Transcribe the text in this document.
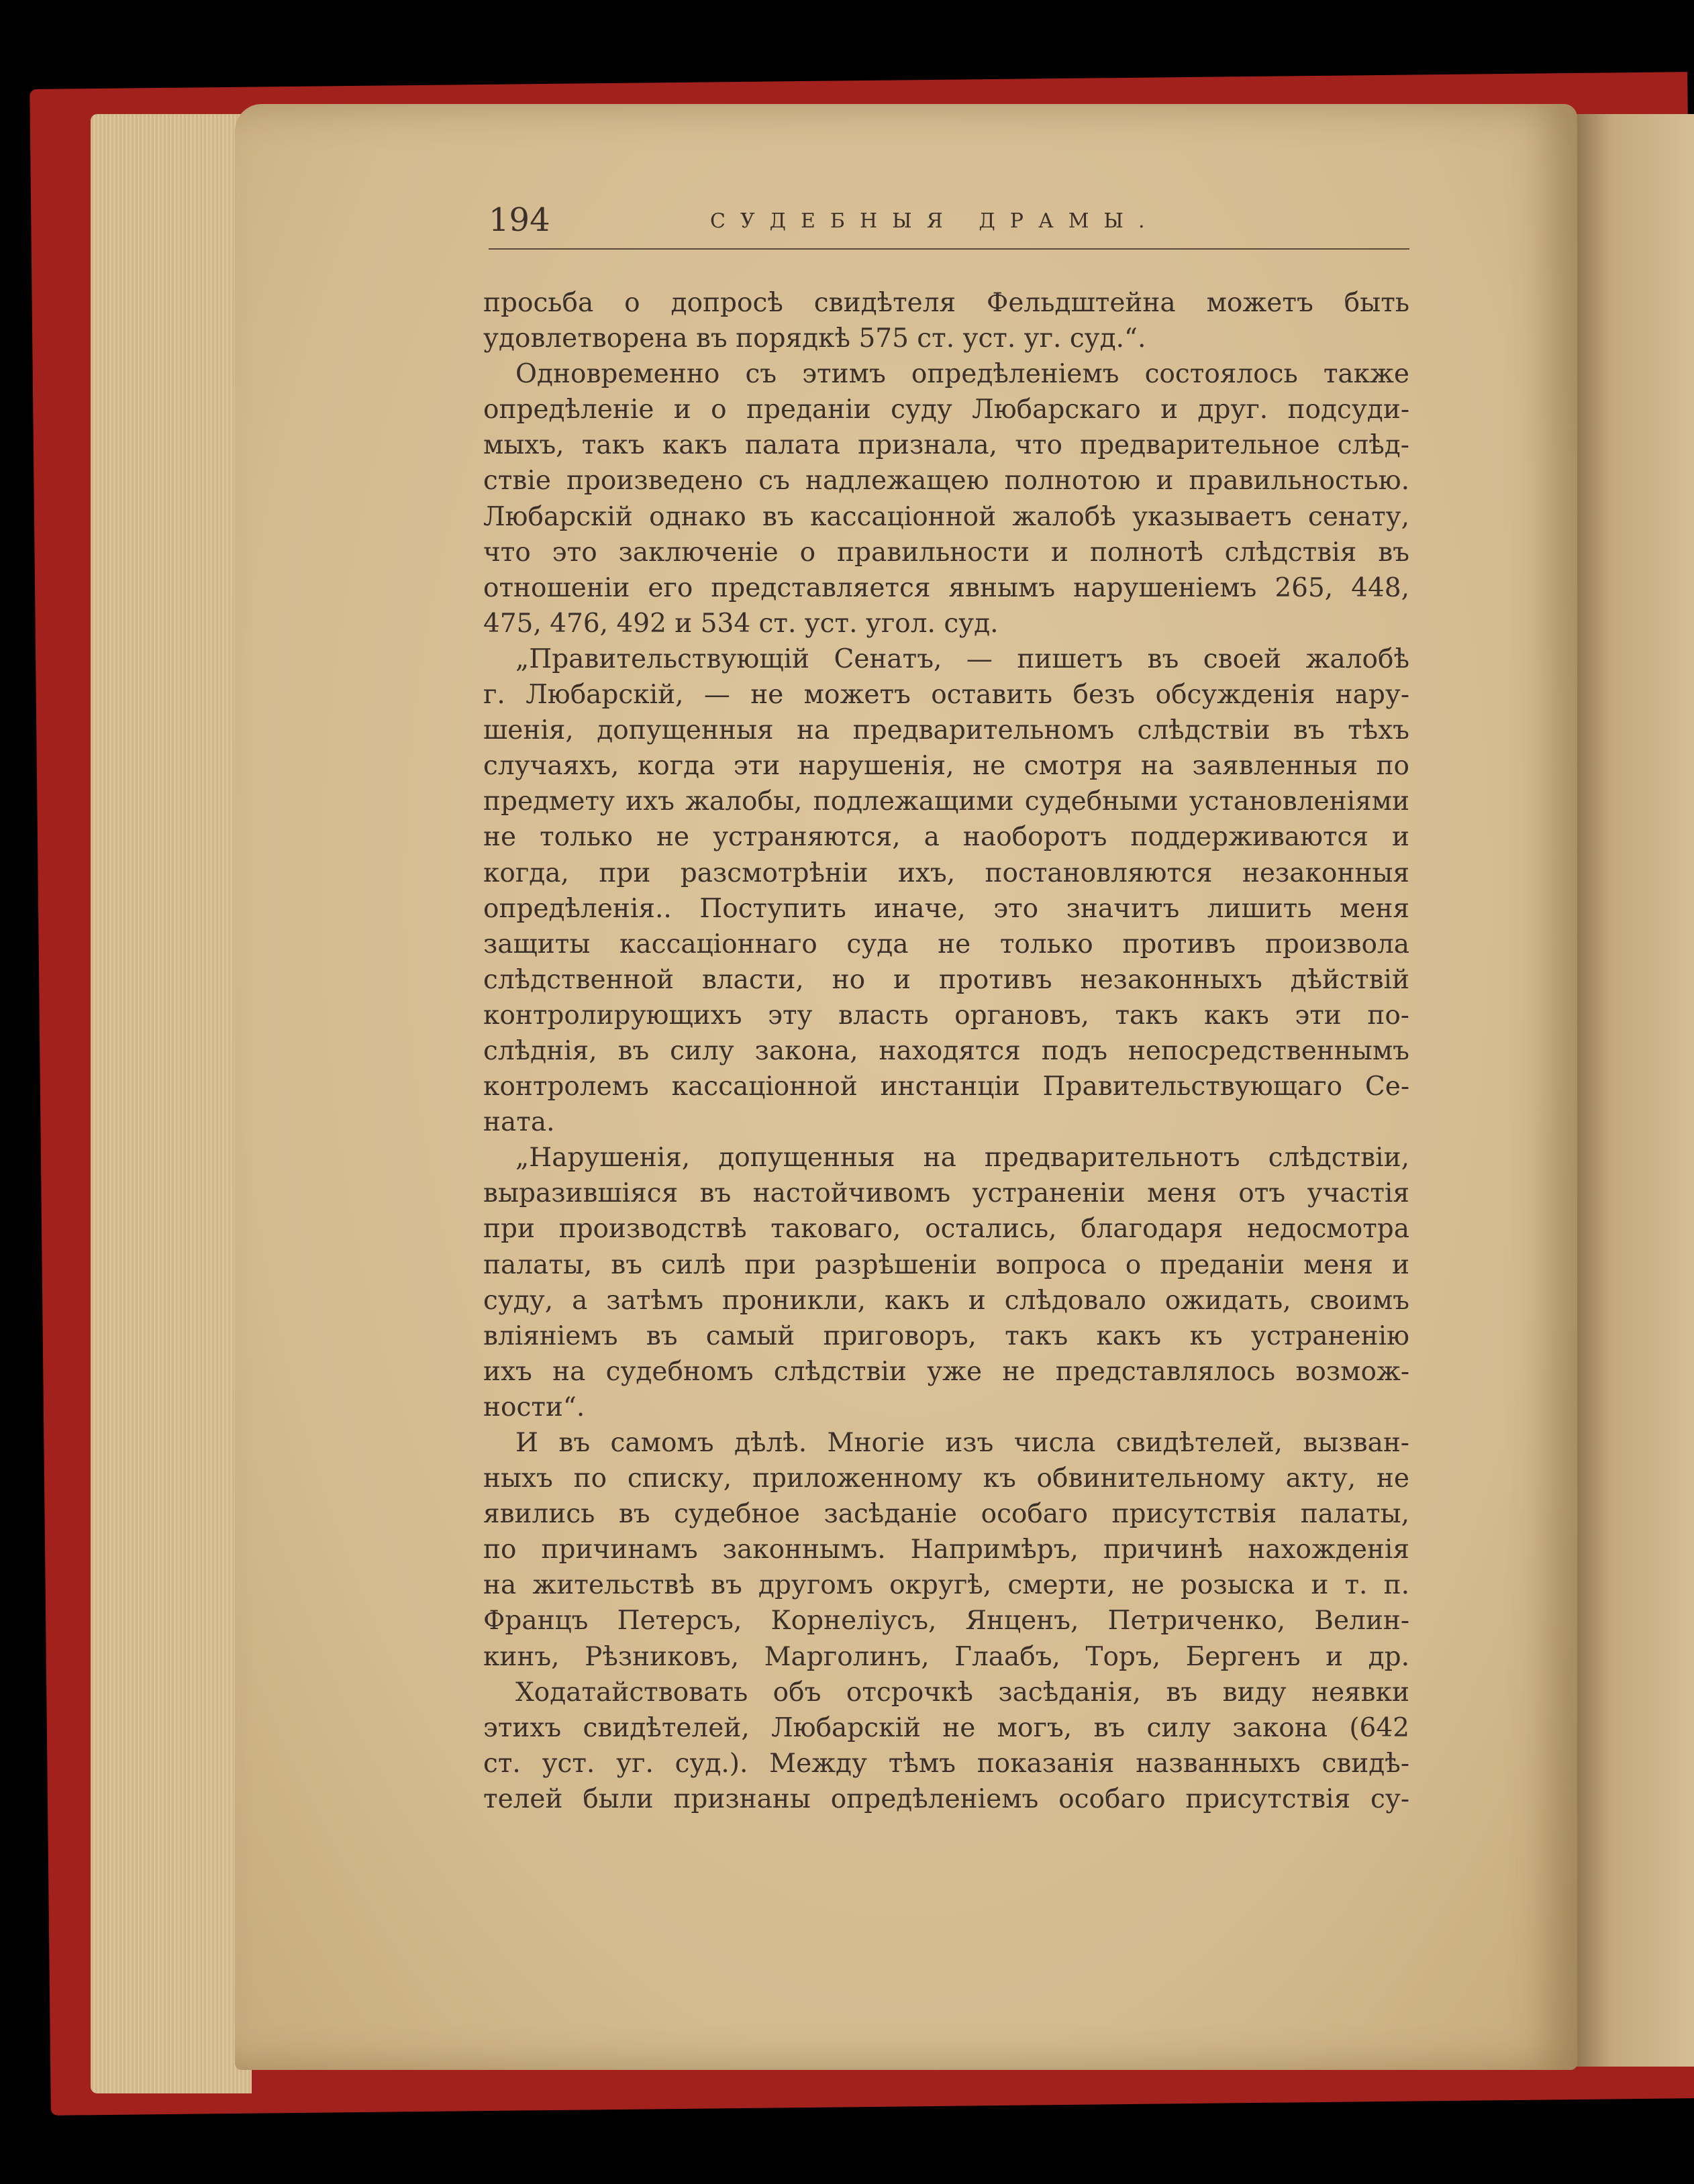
194	СУДЕБНЫЯ ДРАМЫ.
просьба о допросѣ свидѣтеля Фельдштейна можетъ быть
удовлетворена въ порядкѣ 575 ст. уст. уг. суд.“.
Одновременно съ этимъ опредѣленіемъ состоялось также
опредѣленіе и о преданіи суду Любарскаго и друг. подсуди-
мыхъ, такъ какъ палата признала, что предварительное слѣд-
ствіе произведено съ надлежащею полнотою и правильностью.
Любарскій однако въ кассаціонной жалобѣ указываетъ сенату,
что это заключеніе о правильности и полнотѣ слѣдствія въ
отношеніи его представляется явнымъ нарушеніемъ 265, 448,
475, 476, 492 и 534 ст. уст. угол. суд.
„Правительствующій Сенатъ, — пишетъ въ своей жалобѣ
г. Любарскій, — не можетъ оставить безъ обсужденія нару-
шенія, допущенныя на предварительномъ слѣдствіи въ тѣхъ
случаяхъ, когда эти нарушенія, не смотря на заявленныя по
предмету ихъ жалобы, подлежащими судебными установленіями
не только не устраняются, а наоборотъ поддерживаются и
когда, при разсмотрѣніи ихъ, постановляются незаконныя
опредѣленія.. Поступить иначе, это значитъ лишить меня
защиты кассаціоннаго суда не только противъ произвола
слѣдственной власти, но и противъ незаконныхъ дѣйствій
контролирующихъ эту власть органовъ, такъ какъ эти по-
слѣднія, въ силу закона, находятся подъ непосредственнымъ
контролемъ кассаціонной инстанціи Правительствующаго Се-
ната.
„Нарушенія, допущенныя на предварительнотъ слѣдствіи,
выразившіяся въ настойчивомъ устраненіи меня отъ участія
при производствѣ таковаго, остались, благодаря недосмотра
палаты, въ силѣ при разрѣшеніи вопроса о преданіи меня и
суду, а затѣмъ проникли, какъ и слѣдовало ожидать, своимъ
вліяніемъ въ самый приговоръ, такъ какъ къ устраненію
ихъ на судебномъ слѣдствіи уже не представлялось возмож-
ности“.
И въ самомъ дѣлѣ. Многіе изъ числа свидѣтелей, вызван-
ныхъ по списку, приложенному къ обвинительному акту, не
явились въ судебное засѣданіе особаго присутствія палаты,
по причинамъ законнымъ. Напримѣръ, причинѣ нахожденія
на жительствѣ въ другомъ округѣ, смерти, не розыска и т. п.
Францъ Петерсъ, Корнеліусъ, Янценъ, Петриченко, Велин-
кинъ, Рѣзниковъ, Марголинъ, Глаабъ, Торъ, Бергенъ и др.
Ходатайствовать объ отсрочкѣ засѣданія, въ виду неявки
этихъ свидѣтелей, Любарскій не могъ, въ силу закона (642
ст. уст. уг. суд.). Между тѣмъ показанія названныхъ свидѣ-
телей были признаны опредѣленіемъ особаго присутствія су-
